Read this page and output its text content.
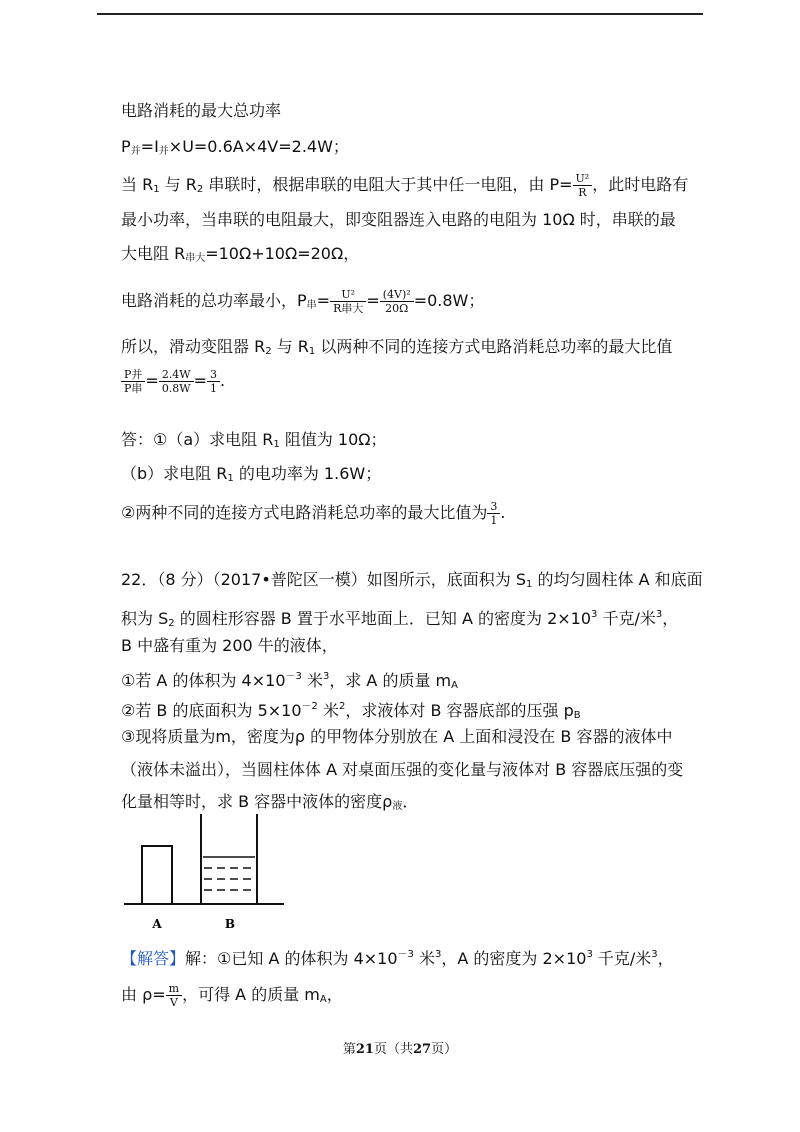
电路消耗的最大总功率
$P_并=I_并\times U=0.6A\times 4V=2.4W$；
当 $R_1$ 与 $R_2$ 串联时，根据串联的电阻大于其中任一电阻，由 $P= \frac{\text{U²}}{R}$ ，此时电路有
最小功率，当串联的电阻最大，即变阻器连入电路的电阻为 10Ω 时，串联的最
大电阻 $R_{串大}=10\Omega+10\Omega=20\Omega$，
电路消耗的总功率最小，$P_串= \frac{\text{U²}}{\text{R串大}} = \frac{\text{(4V)²}}{20\Omega} =0.8W$；
所以，滑动变阻器 $R_2$ 与 $R_1$ 以两种不同的连接方式电路消耗总功率的最大比值
$\frac{\text{P并}}{\text{P串}} = \frac{2.4W}{0.8W} = \frac{3}{1}$ .
答：①（a）求电阻 $R_1$ 阻值为 10Ω；
（b）求电阻 $R_1$ 的电功率为 1.6W；
②两种不同的连接方式电路消耗总功率的最大比值为 $\frac{3}{1}$ .
22．（8 分）（2017•普陀区一模）如图所示，底面积为 $S_1$ 的均匀圆柱体 A 和底面
积为 $S_2$ 的圆柱形容器 B 置于水平地面上．已知 A 的密度为 $2\times 10^3$ 千克/米$^3$，
B 中盛有重为 200 牛的液体，
①若 A 的体积为 $4\times 10^{-3}$ 米$^3$，求 A 的质量 $m_A$
②若 B 的底面积为 $5\times 10^{-2}$ 米$^2$，求液体对 B 容器底部的压强 $p_B$
③现将质量为m，密度为ρ 的甲物体分别放在 A 上面和浸没在 B 容器的液体中
（液体未溢出），当圆柱体体 A 对桌面压强的变化量与液体对 B 容器底压强的变
化量相等时，求 B 容器中液体的密度$\rho_液$．
A	B
【解答】解：①已知 A 的体积为 $4\times 10^{-3}$ 米$^3$，A 的密度为 $2\times 10^3$ 千克/米$^3$，
由 $\rho= \frac{m}{V}$ ，可得 A 的质量 $m_A$，
第21页（共27页）
